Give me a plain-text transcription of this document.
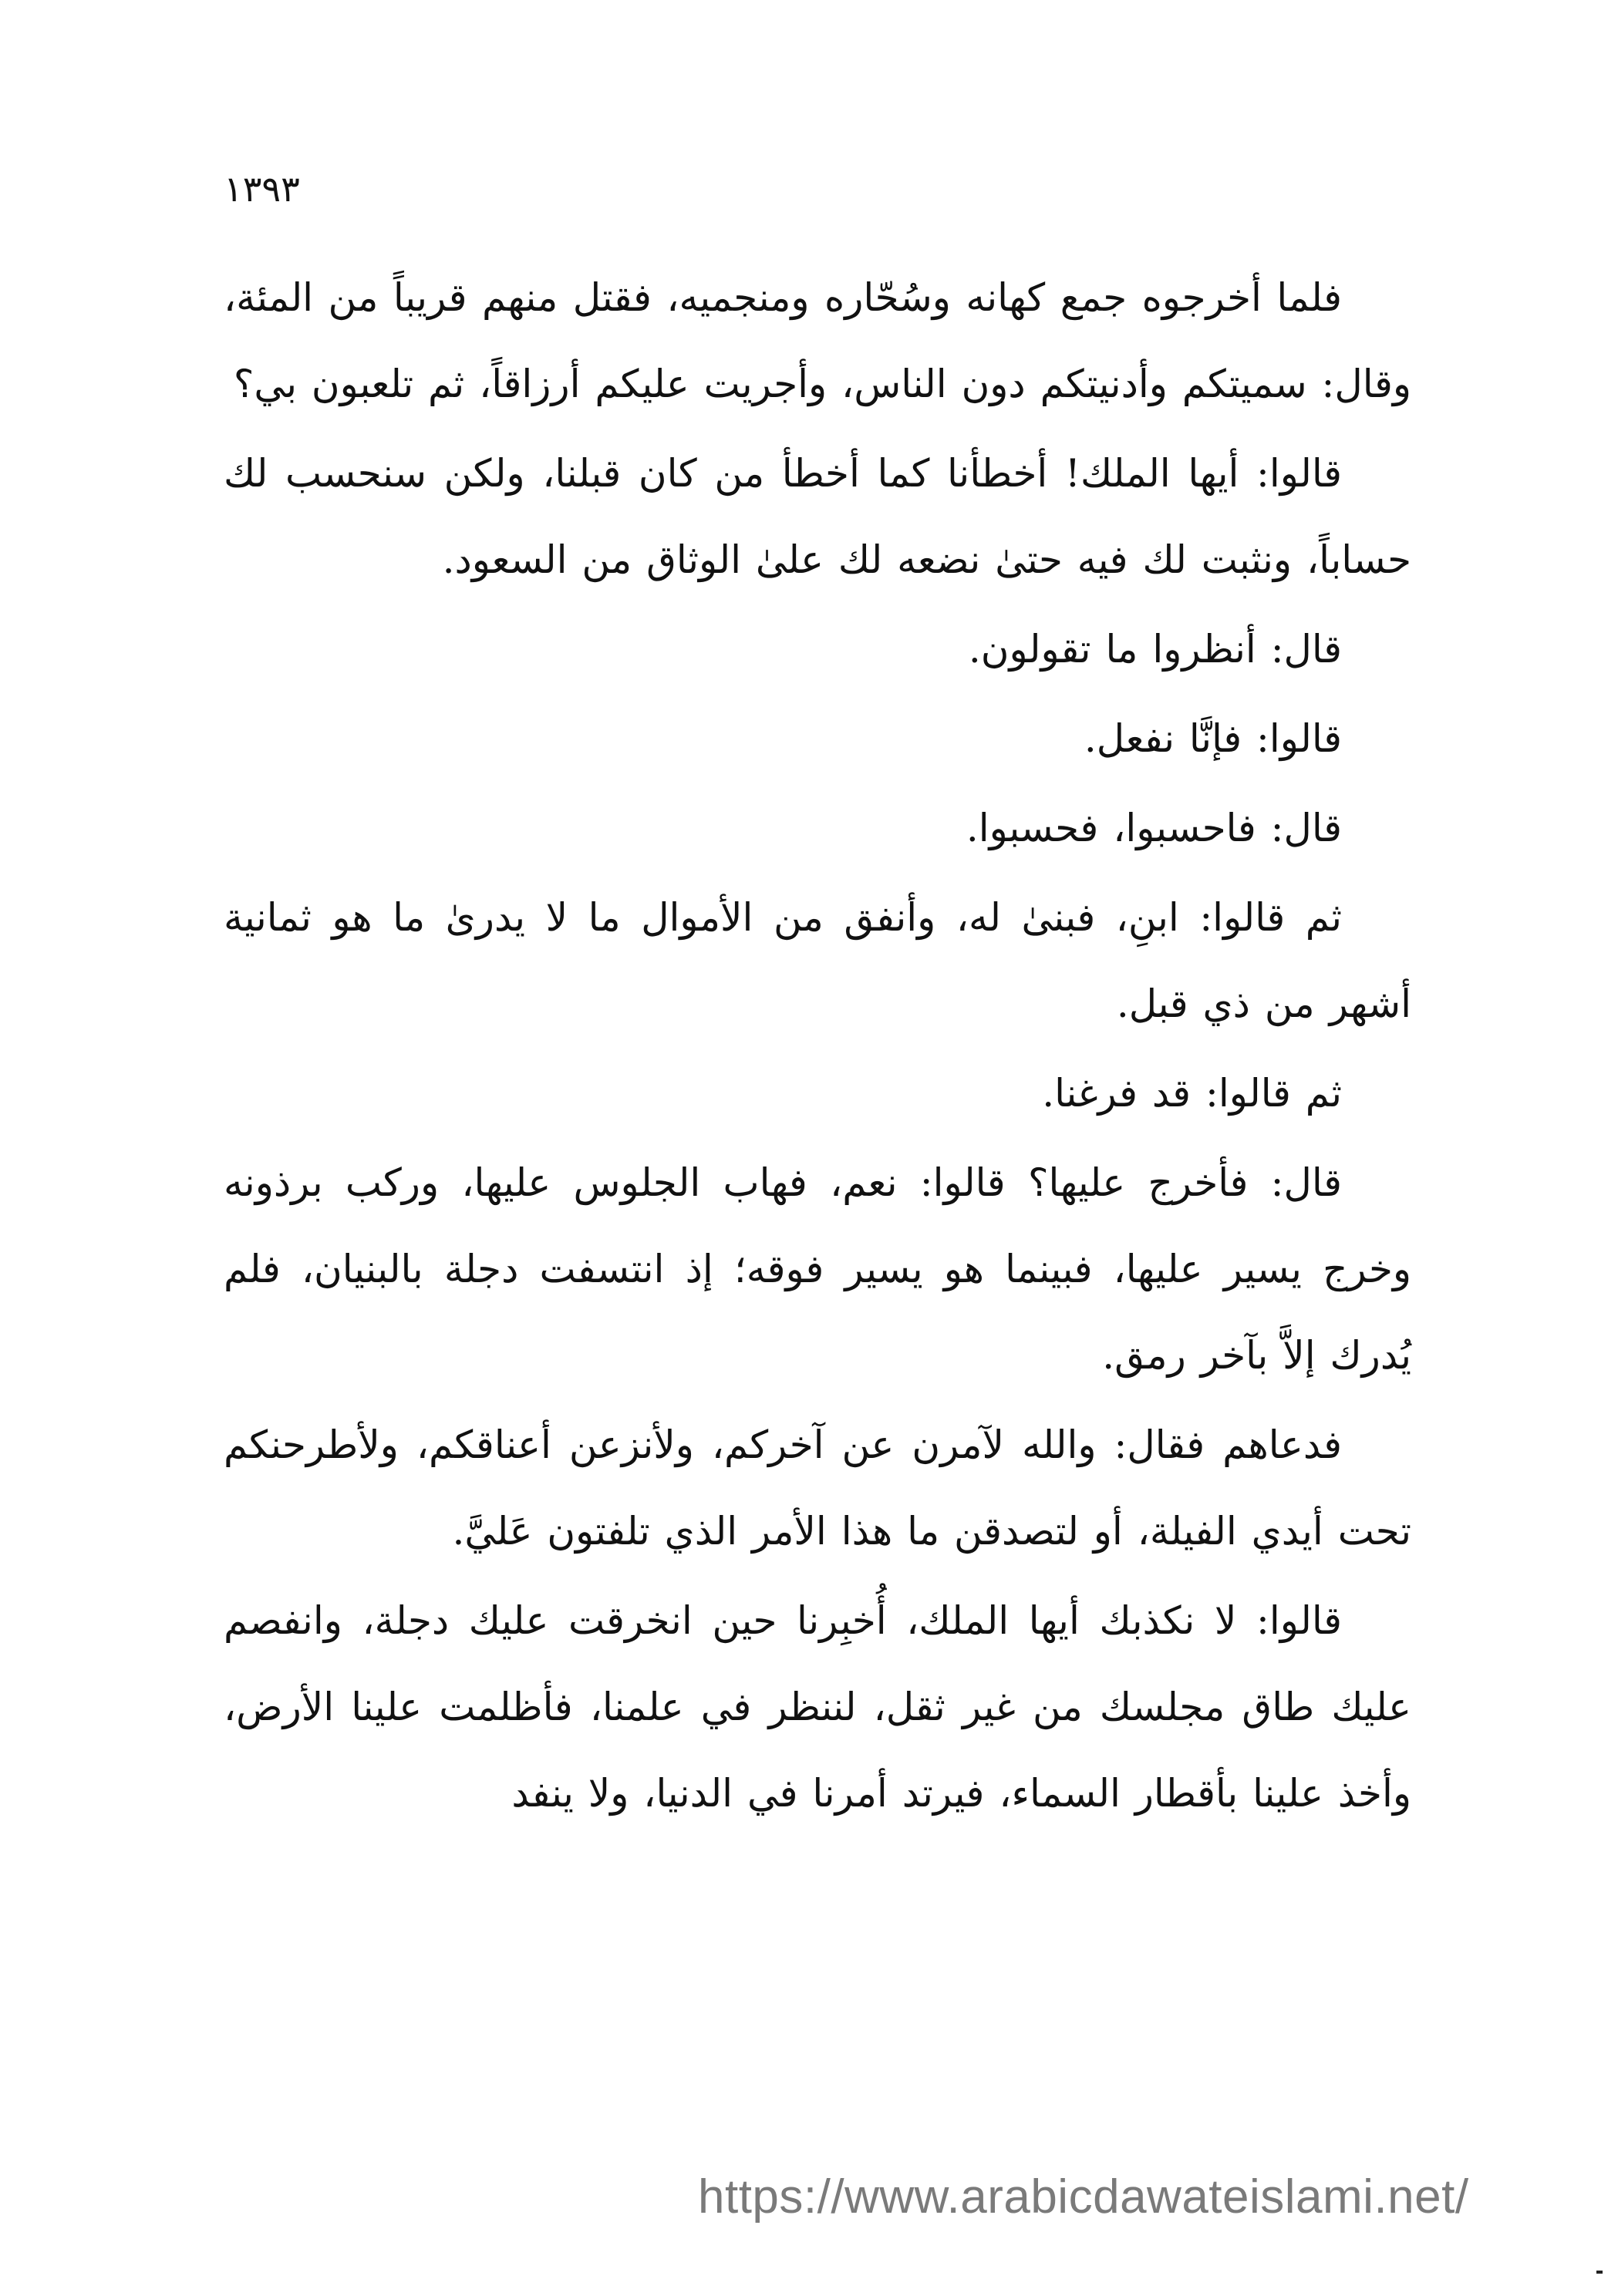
١٣٩٣

فلما أخرجوه جمع كهانه وسُحّاره ومنجميه، فقتل منهم قريباً من المئة، وقال: سميتكم وأدنيتكم دون الناس، وأجريت عليكم أرزاقاً، ثم تلعبون بي؟

قالوا: أيها الملك! أخطأنا كما أخطأ من كان قبلنا، ولكن سنحسب لك حساباً، ونثبت لك فيه حتىٰ نضعه لك علىٰ الوثاق من السعود.

قال: أنظروا ما تقولون.

قالوا: فإنَّا نفعل.

قال: فاحسبوا، فحسبوا.

ثم قالوا: ابنِ، فبنىٰ له، وأنفق من الأموال ما لا يدرىٰ ما هو ثمانية أشهر من ذي قبل.

ثم قالوا: قد فرغنا.

قال: فأخرج عليها؟ قالوا: نعم، فهاب الجلوس عليها، وركب برذونه وخرج يسير عليها، فبينما هو يسير فوقه؛ إذ انتسفت دجلة بالبنيان، فلم يُدرك إلاَّ بآخر رمق.

فدعاهم فقال: والله لآمرن عن آخركم، ولأنزعن أعناقكم، ولأطرحنكم تحت أيدي الفيلة، أو لتصدقن ما هذا الأمر الذي تلفتون عَليَّ.

قالوا: لا نكذبك أيها الملك، أُخبِرنا حين انخرقت عليك دجلة، وانفصم عليك طاق مجلسك من غير ثقل، لننظر في علمنا، فأظلمت علينا الأرض، وأخذ علينا بأقطار السماء، فيرتد أمرنا في الدنيا، ولا ينفد

https://www.arabicdawateislami.net/
